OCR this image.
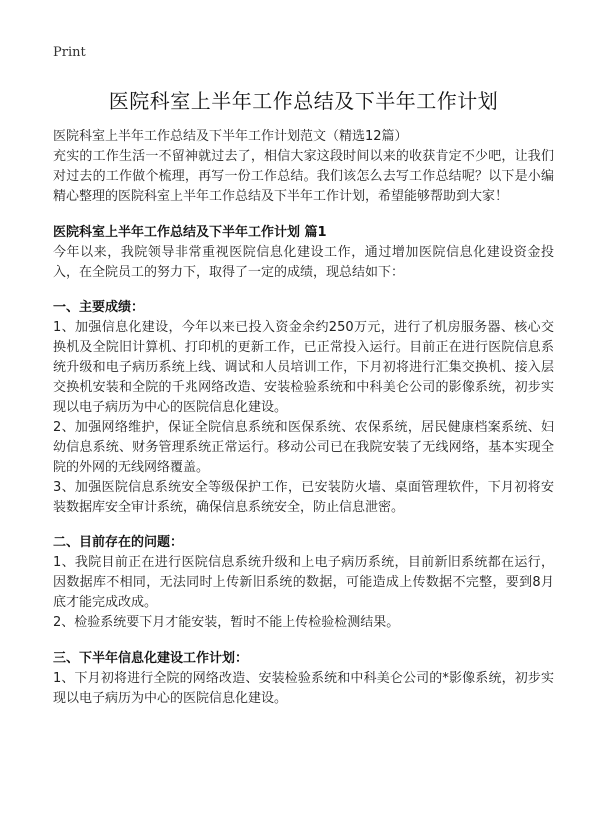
Print
医院科室上半年工作总结及下半年工作计划

医院科室上半年工作总结及下半年工作计划范文（精选12篇）

充实的工作生活一不留神就过去了，相信大家这段时间以来的收获肯定不少吧，让我们对过去的工作做个梳理，再写一份工作总结。我们该怎么去写工作总结呢？以下是小编精心整理的医院科室上半年工作总结及下半年工作计划，希望能够帮助到大家！

医院科室上半年工作总结及下半年工作计划 篇1

今年以来，我院领导非常重视医院信息化建设工作，通过增加医院信息化建设资金投入，在全院员工的努力下，取得了一定的成绩，现总结如下：

一、主要成绩：

1、加强信息化建设，今年以来已投入资金余约250万元，进行了机房服务器、核心交换机及全院旧计算机、打印机的更新工作，已正常投入运行。目前正在进行医院信息系统升级和电子病历系统上线、调试和人员培训工作，下月初将进行汇集交换机、接入层交换机安装和全院的千兆网络改造、安装检验系统和中科美仑公司的影像系统，初步实现以电子病历为中心的医院信息化建设。

2、加强网络维护，保证全院信息系统和医保系统、农保系统，居民健康档案系统、妇幼信息系统、财务管理系统正常运行。移动公司已在我院安装了无线网络，基本实现全院的外网的无线网络覆盖。

3、加强医院信息系统安全等级保护工作，已安装防火墙、桌面管理软件，下月初将安装数据库安全审计系统，确保信息系统安全，防止信息泄密。

二、目前存在的问题：

1、我院目前正在进行医院信息系统升级和上电子病历系统，目前新旧系统都在运行，因数据库不相同，无法同时上传新旧系统的数据，可能造成上传数据不完整，要到8月底才能完成改成。

2、检验系统要下月才能安装，暂时不能上传检验检测结果。

三、下半年信息化建设工作计划：

1、下月初将进行全院的网络改造、安装检验系统和中科美仑公司的*影像系统，初步实现以电子病历为中心的医院信息化建设。
